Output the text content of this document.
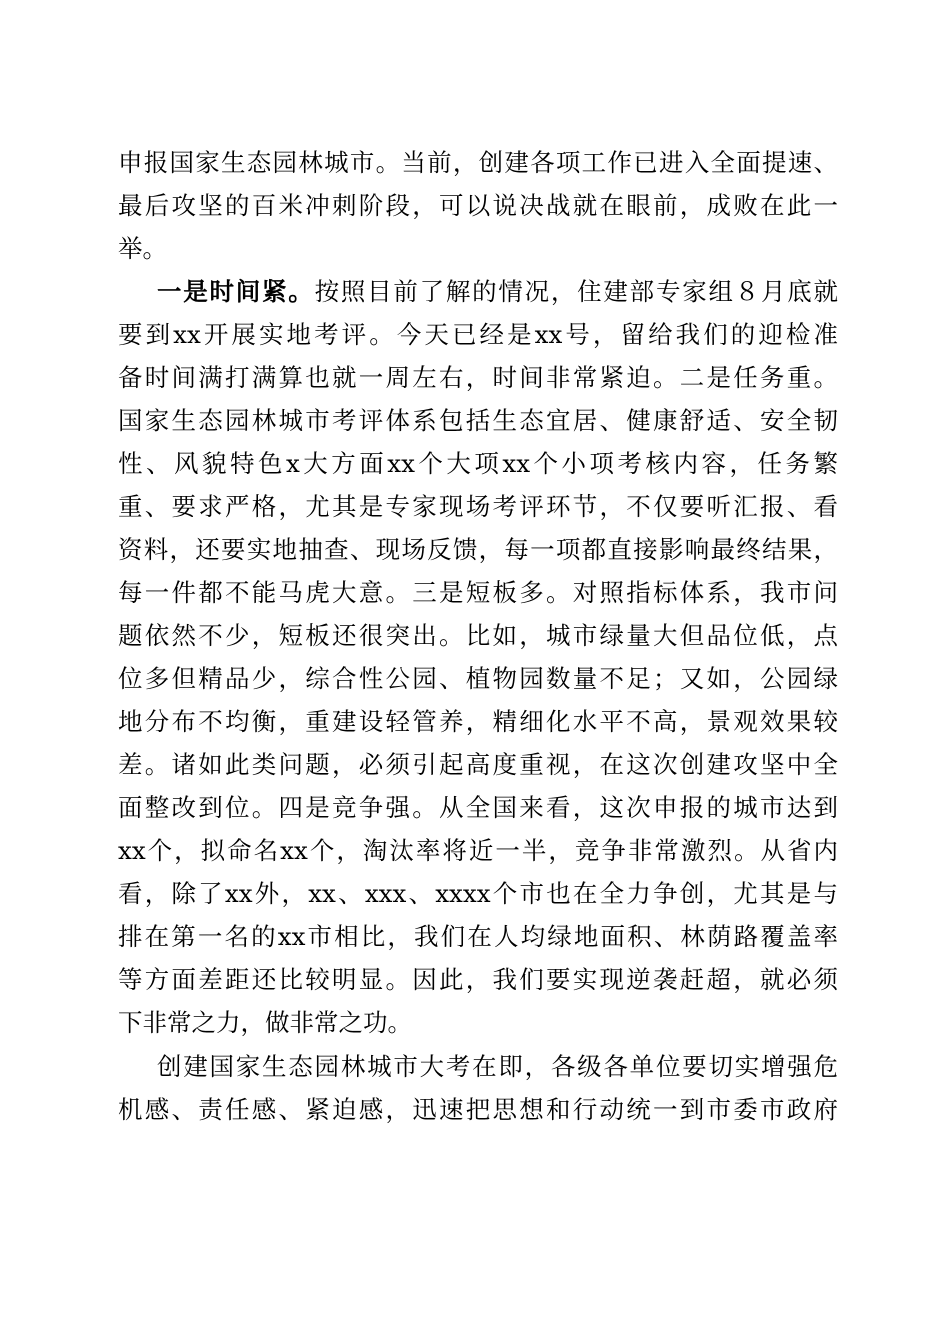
申报国家生态园林城市。当前，创建各项工作已进入全面提速、
最后攻坚的百米冲刺阶段，可以说决战就在眼前，成败在此一
举。
一是时间紧。按照目前了解的情况，住建部专家组８月底就
要到xx开展实地考评。今天已经是xx号，留给我们的迎检准
备时间满打满算也就一周左右，时间非常紧迫。二是任务重。
国家生态园林城市考评体系包括生态宜居、健康舒适、安全韧
性、风貌特色x大方面xx个大项xx个小项考核内容，任务繁
重、要求严格，尤其是专家现场考评环节，不仅要听汇报、看
资料，还要实地抽查、现场反馈，每一项都直接影响最终结果，
每一件都不能马虎大意。三是短板多。对照指标体系，我市问
题依然不少，短板还很突出。比如，城市绿量大但品位低，点
位多但精品少，综合性公园、植物园数量不足；又如，公园绿
地分布不均衡，重建设轻管养，精细化水平不高，景观效果较
差。诸如此类问题，必须引起高度重视，在这次创建攻坚中全
面整改到位。四是竞争强。从全国来看，这次申报的城市达到
xx个，拟命名xx个，淘汰率将近一半，竞争非常激烈。从省内
看，除了xx外，xx、xxx、xxxx个市也在全力争创，尤其是与
排在第一名的xx市相比，我们在人均绿地面积、林荫路覆盖率
等方面差距还比较明显。因此，我们要实现逆袭赶超，就必须
下非常之力，做非常之功。
创建国家生态园林城市大考在即，各级各单位要切实增强危
机感、责任感、紧迫感，迅速把思想和行动统一到市委市政府
